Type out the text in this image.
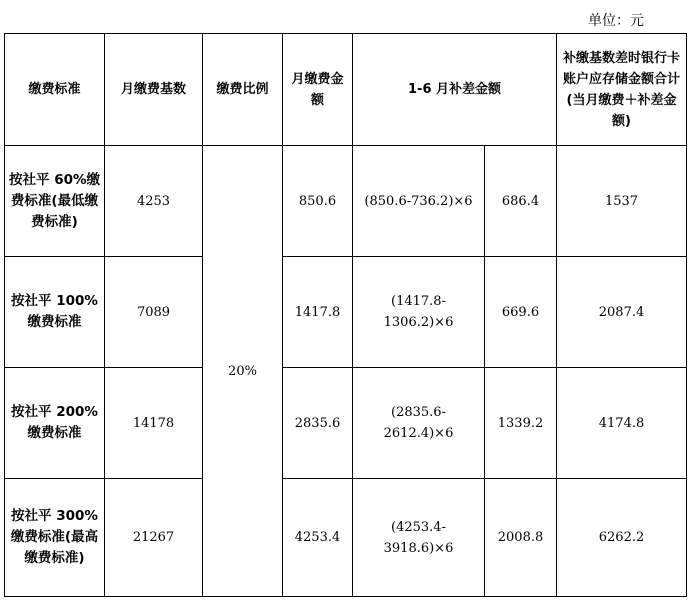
单位：元
缴费标准	月缴费基数	缴费比例	月缴费金额	1-6 月补差金额		补缴基数差时银行卡账户应存储金额合计(当月缴费＋补差金额)
按社平 60%缴费标准(最低缴费标准)	4253	20%	850.6	(850.6-736.2)×6	686.4	1537
按社平 100%缴费标准	7089		1417.8	(1417.8-1306.2)×6	669.6	2087.4
按社平 200%缴费标准	14178		2835.6	(2835.6-2612.4)×6	1339.2	4174.8
按社平 300%缴费标准(最高缴费标准)	21267		4253.4	(4253.4-3918.6)×6	2008.8	6262.2
